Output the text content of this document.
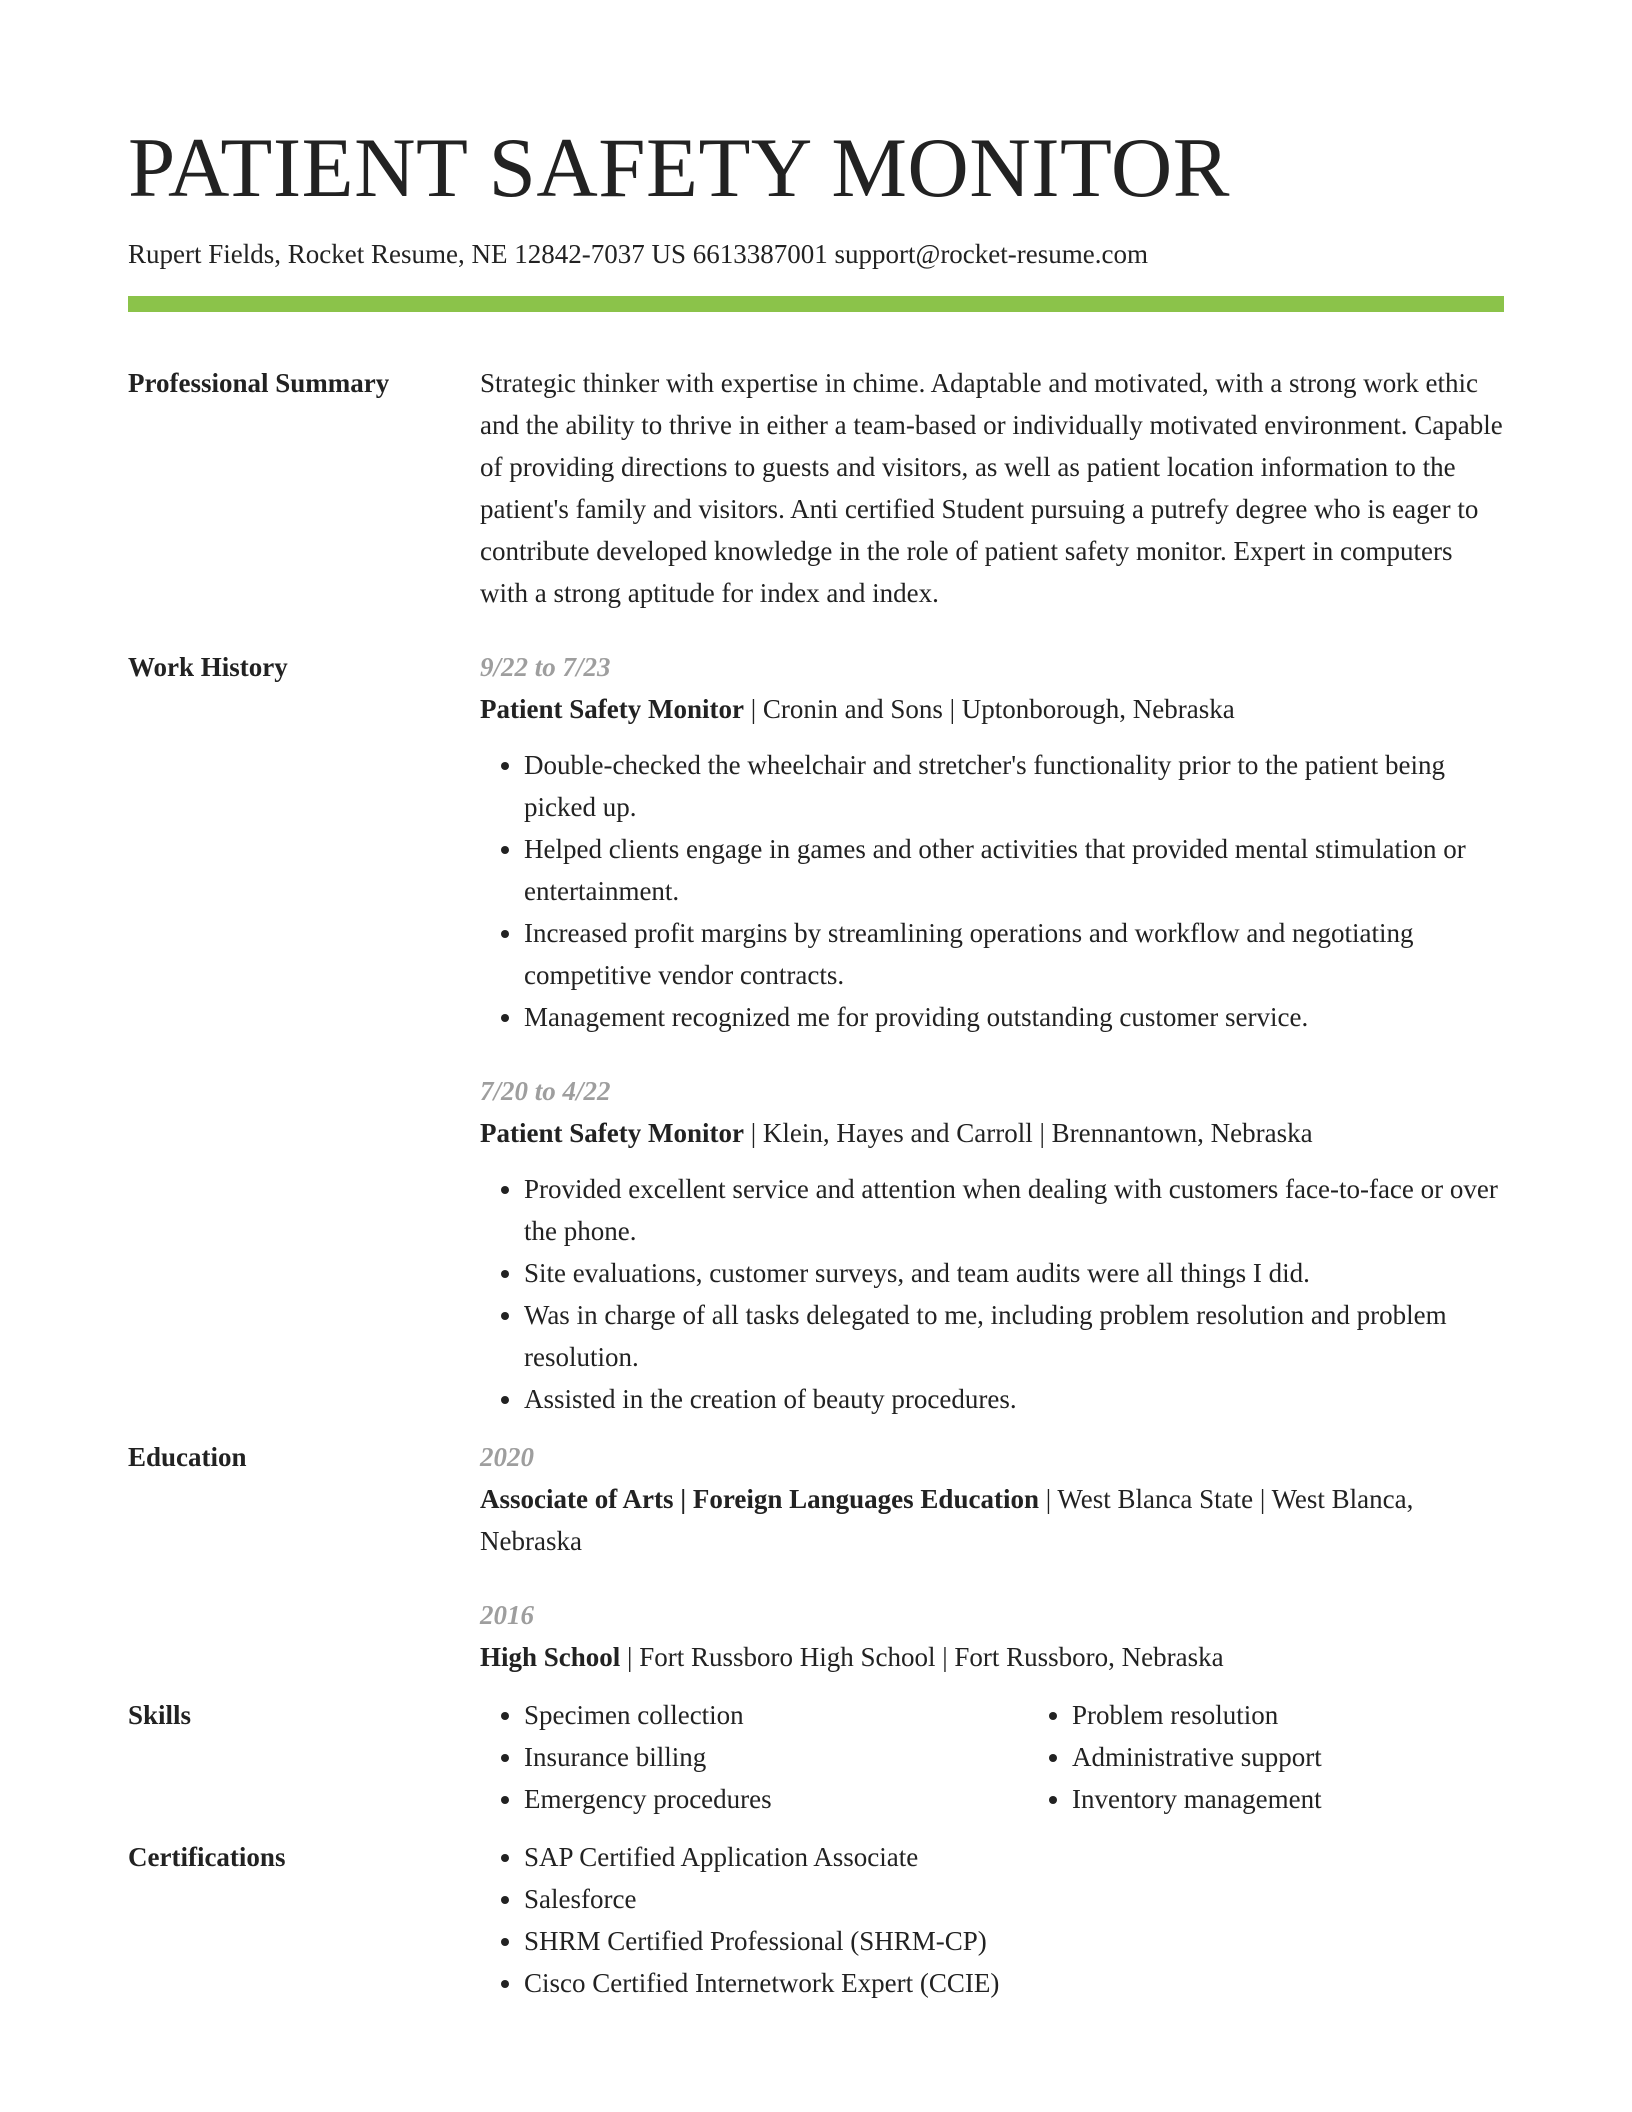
PATIENT SAFETY MONITOR
Rupert Fields, Rocket Resume, NE 12842-7037 US 6613387001 support@rocket-resume.com
Professional Summary	Strategic thinker with expertise in chime. Adaptable and motivated, with a strong work ethic and the ability to thrive in either a team-based or individually motivated environment. Capable of providing directions to guests and visitors, as well as patient location information to the patient's family and visitors. Anti certified Student pursuing a putrefy degree who is eager to contribute developed knowledge in the role of patient safety monitor. Expert in computers with a strong aptitude for index and index.
Work History	9/22 to 7/23
Patient Safety Monitor | Cronin and Sons | Uptonborough, Nebraska
• Double-checked the wheelchair and stretcher's functionality prior to the patient being picked up.
• Helped clients engage in games and other activities that provided mental stimulation or entertainment.
• Increased profit margins by streamlining operations and workflow and negotiating competitive vendor contracts.
• Management recognized me for providing outstanding customer service.
7/20 to 4/22
Patient Safety Monitor | Klein, Hayes and Carroll | Brennantown, Nebraska
• Provided excellent service and attention when dealing with customers face-to-face or over the phone.
• Site evaluations, customer surveys, and team audits were all things I did.
• Was in charge of all tasks delegated to me, including problem resolution and problem resolution.
• Assisted in the creation of beauty procedures.
Education	2020
Associate of Arts | Foreign Languages Education | West Blanca State | West Blanca, Nebraska
2016
High School | Fort Russboro High School | Fort Russboro, Nebraska
Skills	• Specimen collection
• Insurance billing
• Emergency procedures
• Problem resolution
• Administrative support
• Inventory management
Certifications	• SAP Certified Application Associate
• Salesforce
• SHRM Certified Professional (SHRM-CP)
• Cisco Certified Internetwork Expert (CCIE)
